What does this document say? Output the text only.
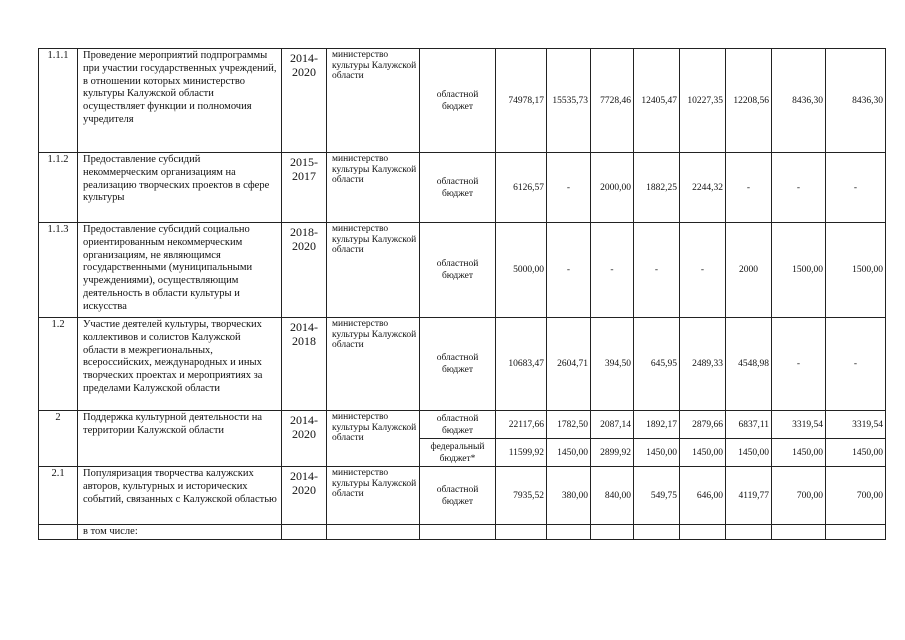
1.1.1	Проведение мероприятий подпрограммы при участии государственных учреждений, в отношении которых министерство культуры Калужской области осуществляет функции и полномочия учредителя	2014-2020	министерство культуры Калужской области	областной бюджет	74978,17	15535,73	7728,46	12405,47	10227,35	12208,56	8436,30	8436,30
1.1.2	Предоставление субсидий некоммерческим организациям на реализацию творческих проектов в сфере культуры	2015-2017	министерство культуры Калужской области	областной бюджет	6126,57	-	2000,00	1882,25	2244,32	-	-	-
1.1.3	Предоставление субсидий социально ориентированным некоммерческим организациям, не являющимся государственными (муниципальными учреждениями), осуществляющим деятельность в области культуры и искусства	2018-2020	министерство культуры Калужской области	областной бюджет	5000,00	-	-	-	-	2000	1500,00	1500,00
1.2	Участие деятелей культуры, творческих коллективов и солистов Калужской области в межрегиональных, всероссийских, международных и иных творческих проектах и мероприятиях за пределами Калужской области	2014-2018	министерство культуры Калужской области	областной бюджет	10683,47	2604,71	394,50	645,95	2489,33	4548,98	-	-
2	Поддержка культурной деятельности на территории Калужской области	2014-2020	министерство культуры Калужской области	областной бюджет	22117,66	1782,50	2087,14	1892,17	2879,66	6837,11	3319,54	3319,54
				федеральный бюджет*	11599,92	1450,00	2899,92	1450,00	1450,00	1450,00	1450,00	1450,00
2.1	Популяризация творчества калужских авторов, культурных и исторических событий, связанных с Калужской областью	2014-2020	министерство культуры Калужской области	областной бюджет	7935,52	380,00	840,00	549,75	646,00	4119,77	700,00	700,00
	в том числе:											
